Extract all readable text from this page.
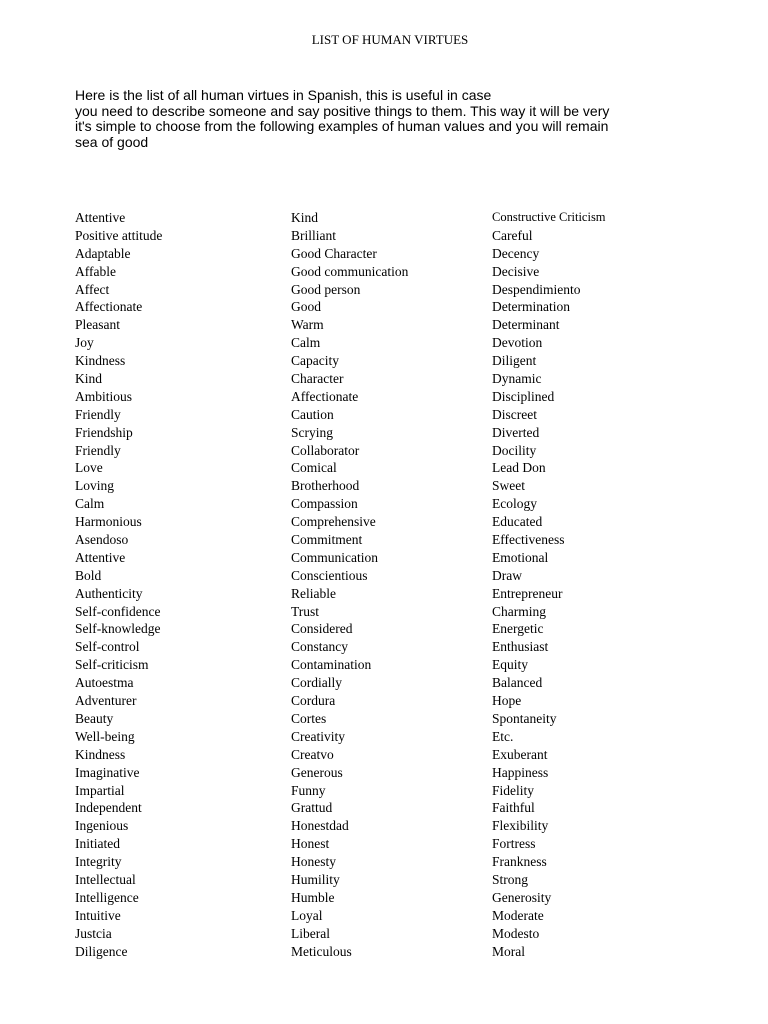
LIST OF HUMAN VIRTUES
Here is the list of all human virtues in Spanish, this is useful in case
you need to describe someone and say positive things to them. This way it will be very
it's simple to choose from the following examples of human values and you will remain
sea of good
Attentive
Positive attitude
Adaptable
Affable
Affect
Affectionate
Pleasant
Joy
Kindness
Kind
Ambitious
Friendly
Friendship
Friendly
Love
Loving
Calm
Harmonious
Asendoso
Attentive
Bold
Authenticity
Self-confidence
Self-knowledge
Self-control
Self-criticism
Autoestma
Adventurer
Beauty
Well-being
Kindness
Imaginative
Impartial
Independent
Ingenious
Initiated
Integrity
Intellectual
Intelligence
Intuitive
Justcia
Diligence
Kind
Brilliant
Good Character
Good communication
Good person
Good
Warm
Calm
Capacity
Character
Affectionate
Caution
Scrying
Collaborator
Comical
Brotherhood
Compassion
Comprehensive
Commitment
Communication
Conscientious
Reliable
Trust
Considered
Constancy
Contamination
Cordially
Cordura
Cortes
Creativity
Creatvo
Generous
Funny
Grattud
Honestdad
Honest
Honesty
Humility
Humble
Loyal
Liberal
Meticulous
Constructive Criticism
Careful
Decency
Decisive
Despendimiento
Determination
Determinant
Devotion
Diligent
Dynamic
Disciplined
Discreet
Diverted
Docility
Lead Don
Sweet
Ecology
Educated
Effectiveness
Emotional
Draw
Entrepreneur
Charming
Energetic
Enthusiast
Equity
Balanced
Hope
Spontaneity
Etc.
Exuberant
Happiness
Fidelity
Faithful
Flexibility
Fortress
Frankness
Strong
Generosity
Moderate
Modesto
Moral
